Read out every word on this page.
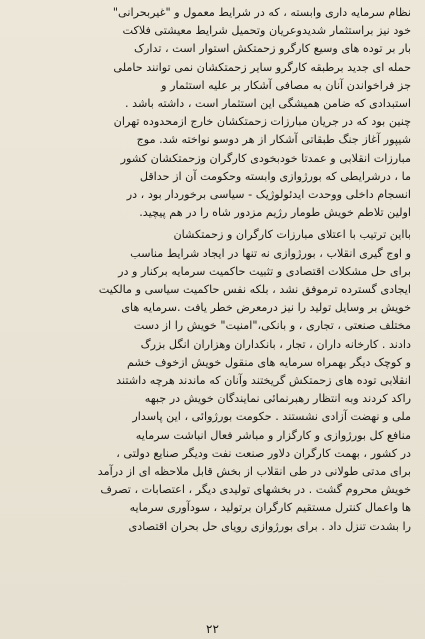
نظام سرمایه داری وابسته ، که در شرایط معمول و "غیربحرانی"
خود نیز براستثمار شدیدوعریان وتحمیل شرایط معیشتی فلاکت
بار بر توده های وسیع کارگرو زحمتکش استوار است ، تدارک
حمله ای جدید برطبقه کارگرو سایر زحمتکشان نمی توانند حاملی
جز فراخواندن آنان به مصافی آشکار بر علیه استثمار و
استبدادی که ضامن همیشگی این استثمار است ، داشته باشد .
چنین بود که در جریان مبارزات زحمتکشان خارج ازمحدوده تهران
شیپور آغاز جنگ طبقاتی آشکار از هر دوسو نواخته شد. موج
مبارزات انقلابی و عمدتا خودبخودی کارگران وزحمتکشان کشور
ما ، درشرایطی که بورژوازی وابسته وحکومت آن از حداقل
انسجام داخلی ووحدت ایدئولوژیک - سیاسی برخوردار بود ، در
اولین تلاطم خویش طومار رژیم مزدور شاه را در هم پیچید.

بااین ترتیب با اعتلای مبارزات کارگران و زحمتکشان
و اوج گیری انقلاب ، بورژوازی نه تنها در ایجاد شرایط مناسب
برای حل مشکلات اقتصادی و تثبیت حاکمیت سرمایه برکنار و در
ایجادی گسترده ترموفق نشد ، بلکه نفس حاکمیت سیاسی و مالکیت
خویش بر وسایل تولید را نیز درمعرض خطر یافت .سرمایه های
مختلف صنعتی ، تجاری ، و بانکی،"امنیت" خویش را از دست
دادند . کارخانه داران ، تجار ، بانکداران وهزاران انگل بزرگ
و کوچک دیگر بهمراه سرمایه های منقول خویش ازخوف خشم
انقلابی توده های زحمتکش گریختند وآنان که ماندند هرچه داشتند
راکد کردند وبه انتظار رهبرنمائی نمایندگان خویش در جبهه
ملی و نهضت آزادی نشستند . حکومت بورژوائی ، این پاسدار
منافع کل بورژوازی و کارگزار و مباشر فعال انباشت سرمایه
در کشور ، بهمت کارگران دلاور صنعت نفت ودیگر صنایع دولتی ،
برای مدتی طولانی در طی انقلاب از بخش قابل ملاحظه ای از درآمد
خویش محروم گشت . در بخشهای تولیدی دیگر ، اعتصابات ، تصرف
ها واعمال کنترل مستقیم کارگران برتولید ، سودآوری سرمایه
را بشدت تنزل داد . برای بورژوازی رویای حل بحران اقتصادی

۲۲
